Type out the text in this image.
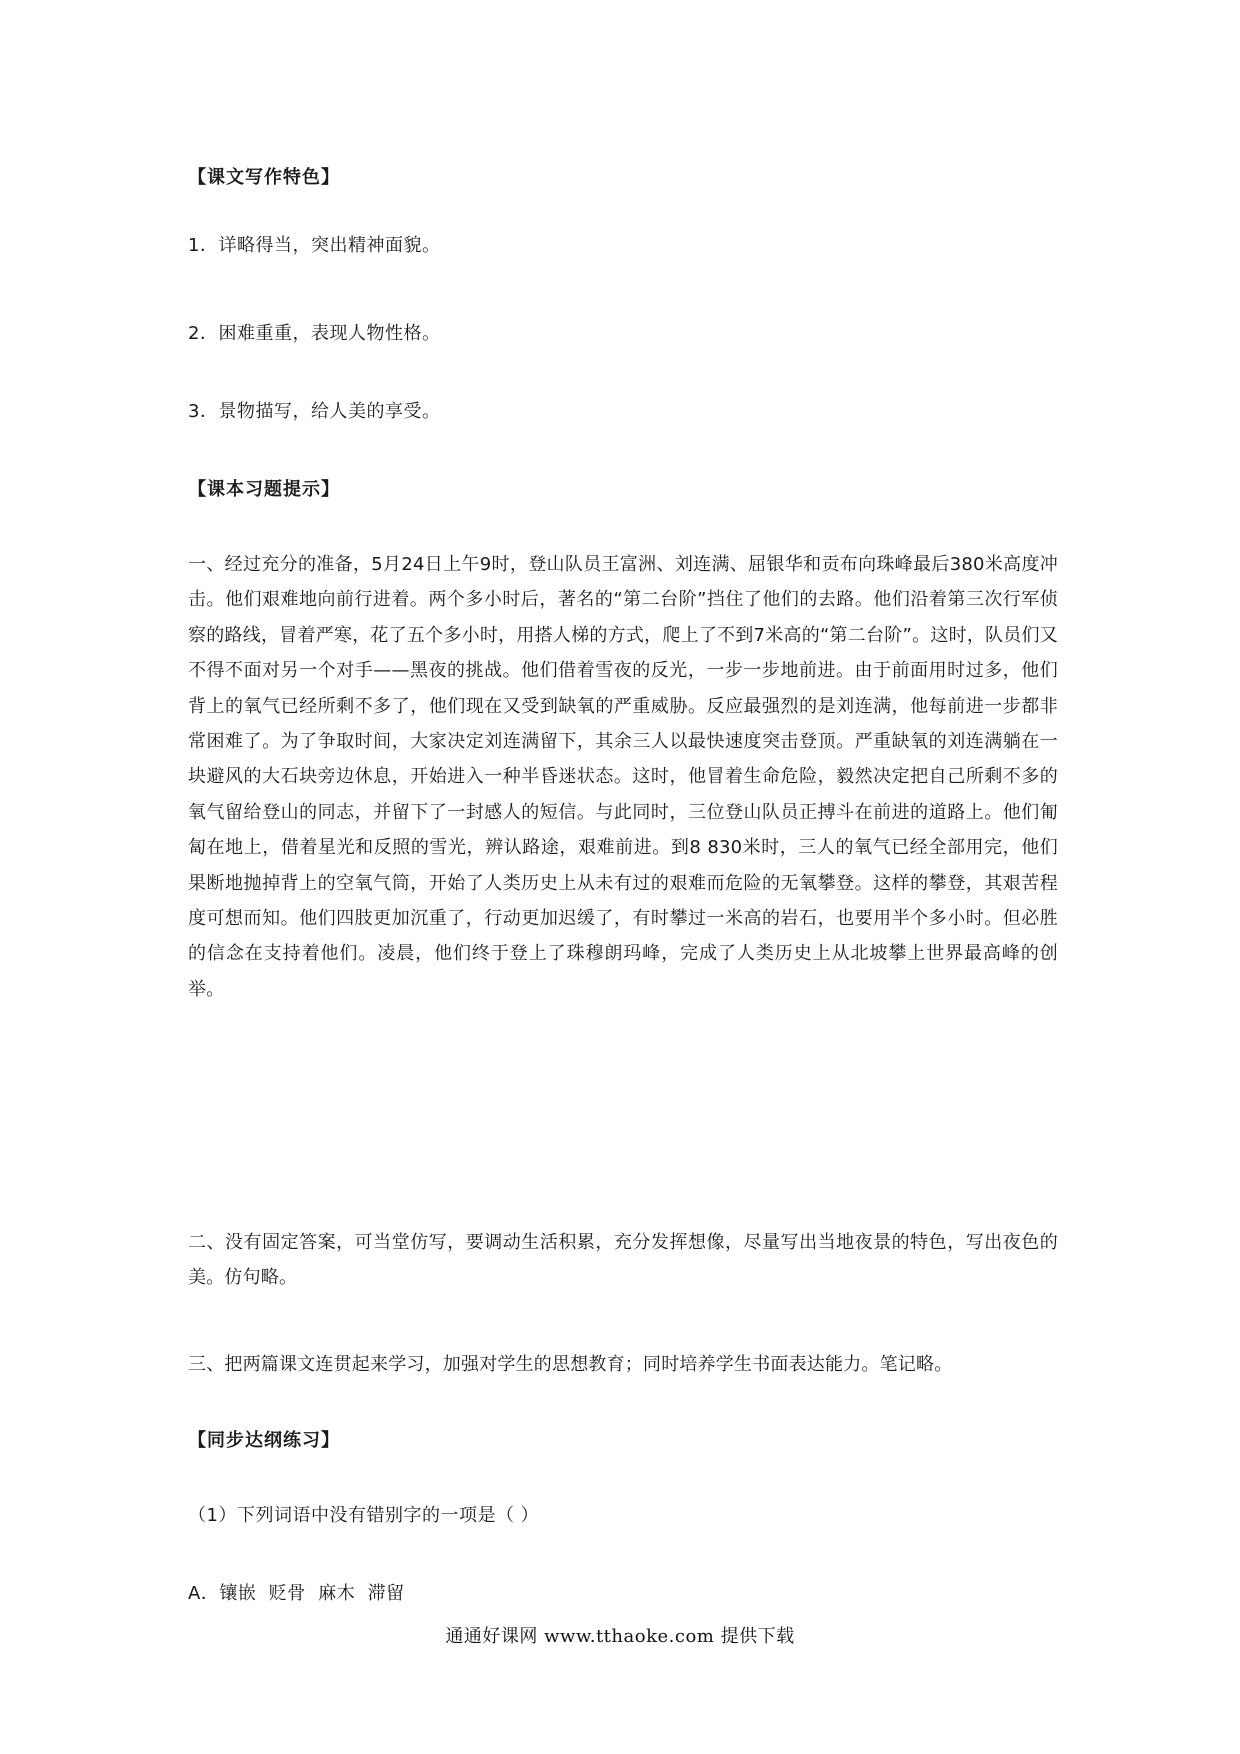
【课文写作特色】
1．详略得当，突出精神面貌。
2．困难重重，表现人物性格。
3．景物描写，给人美的享受。
【课本习题提示】
一、经过充分的准备，5月24日上午9时，登山队员王富洲、刘连满、屈银华和贡布向珠峰最后380米高度冲击。他们艰难地向前行进着。两个多小时后，著名的“第二台阶”挡住了他们的去路。他们沿着第三次行军侦察的路线，冒着严寒，花了五个多小时，用搭人梯的方式，爬上了不到7米高的“第二台阶”。这时，队员们又不得不面对另一个对手——黑夜的挑战。他们借着雪夜的反光，一步一步地前进。由于前面用时过多，他们背上的氧气已经所剩不多了，他们现在又受到缺氧的严重威胁。反应最强烈的是刘连满，他每前进一步都非常困难了。为了争取时间，大家决定刘连满留下，其余三人以最快速度突击登顶。严重缺氧的刘连满躺在一块避风的大石块旁边休息，开始进入一种半昏迷状态。这时，他冒着生命危险，毅然决定把自己所剩不多的氧气留给登山的同志，并留下了一封感人的短信。与此同时，三位登山队员正搏斗在前进的道路上。他们匍匐在地上，借着星光和反照的雪光，辨认路途，艰难前进。到8 830米时，三人的氧气已经全部用完，他们果断地抛掉背上的空氧气筒，开始了人类历史上从未有过的艰难而危险的无氧攀登。这样的攀登，其艰苦程度可想而知。他们四肢更加沉重了，行动更加迟缓了，有时攀过一米高的岩石，也要用半个多小时。但必胜的信念在支持着他们。凌晨，他们终于登上了珠穆朗玛峰，完成了人类历史上从北坡攀上世界最高峰的创举。
二、没有固定答案，可当堂仿写，要调动生活积累，充分发挥想像，尽量写出当地夜景的特色，写出夜色的美。仿句略。
三、把两篇课文连贯起来学习，加强对学生的思想教育；同时培养学生书面表达能力。笔记略。
【同步达纲练习】
（1）下列词语中没有错别字的一项是（ ）
A．镶嵌  贬骨  麻木  滞留
通通好课网 www.tthaoke.com 提供下载
